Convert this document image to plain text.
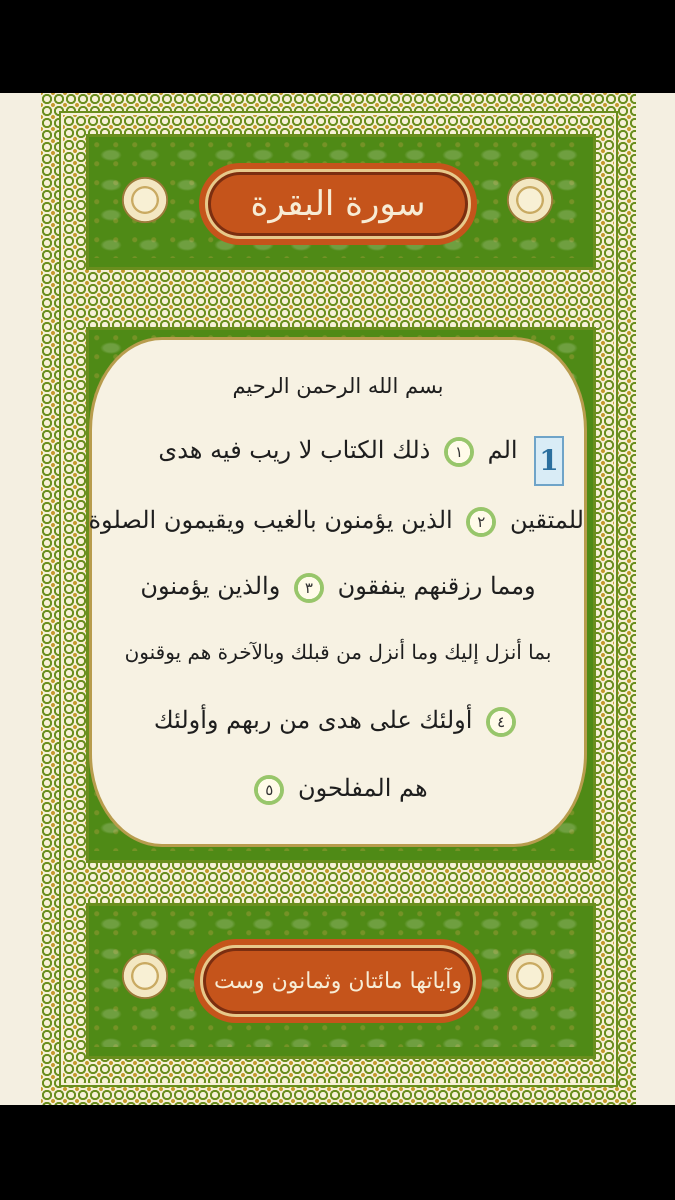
سورة البقرة
بسم الله الرحمن الرحيم
الم ١ ذلك الكتاب لا ريب فيه هدى
للمتقين ٢ الذين يؤمنون بالغيب ويقيمون الصلوة
ومما رزقنهم ينفقون ٣ والذين يؤمنون
بما أنزل إليك وما أنزل من قبلك وبالآخرة هم يوقنون
٤ أولئك على هدى من ربهم وأولئك
هم المفلحون ٥
1
وآياتها مائتان وثمانون وست
